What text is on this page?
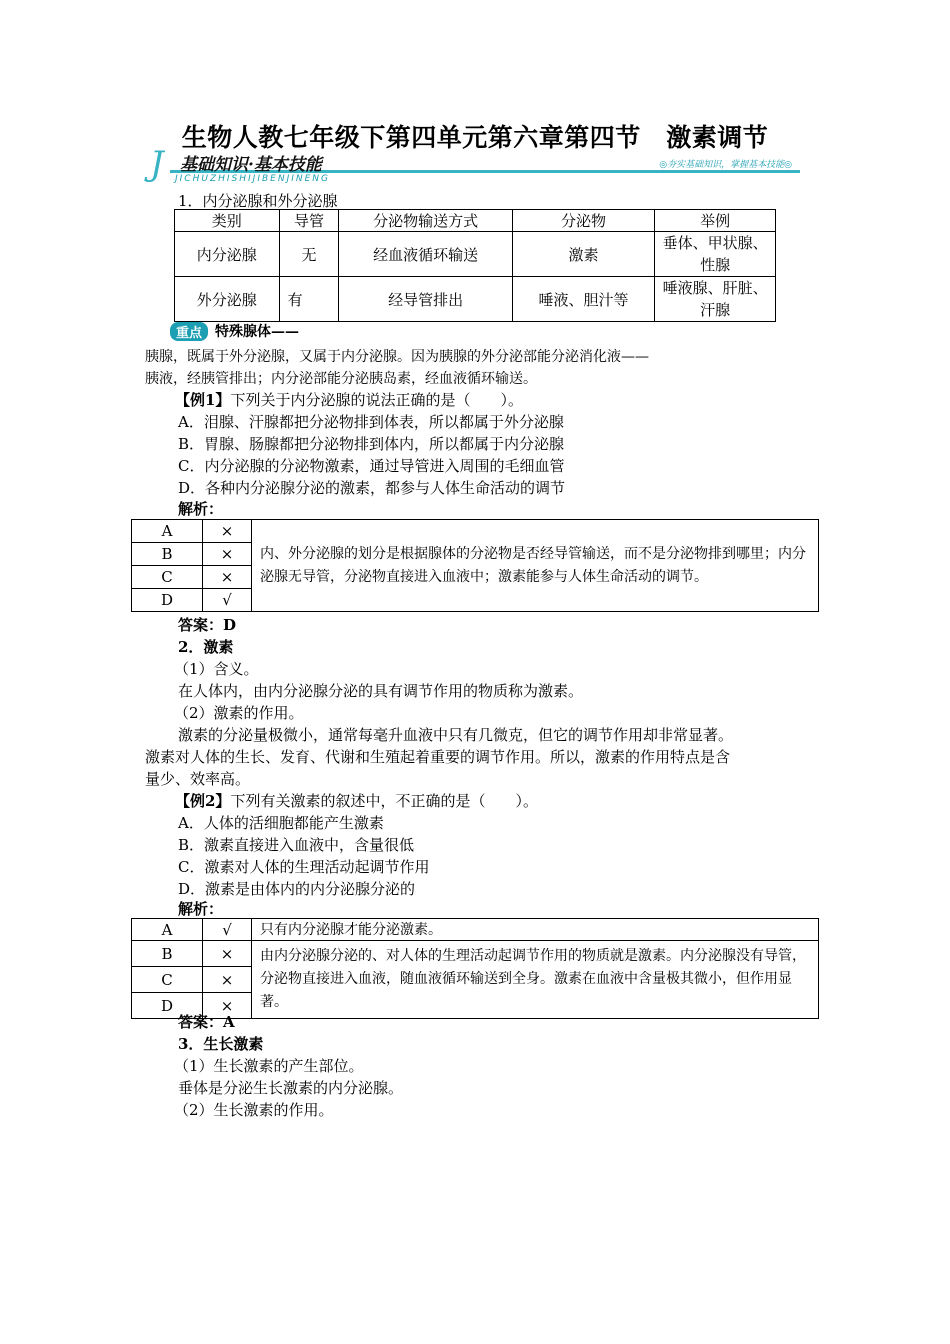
生物人教七年级下第四单元第六章第四节　激素调节
J 基础知识·基本技能
JICHUZHISHIJIBENJINENG
◎夯实基础知识，掌握基本技能◎
1．内分泌腺和外分泌腺
类别	导管	分泌物输送方式	分泌物	举例
内分泌腺	无	经血液循环输送	激素	垂体、甲状腺、性腺
外分泌腺	有	经导管排出	唾液、胆汁等	唾液腺、肝脏、汗腺
重点 特殊腺体——
胰腺，既属于外分泌腺，又属于内分泌腺。因为胰腺的外分泌部能分泌消化液——
胰液，经胰管排出；内分泌部能分泌胰岛素，经血液循环输送。
【例1】下列关于内分泌腺的说法正确的是（　　）。
A．泪腺、汗腺都把分泌物排到体表，所以都属于外分泌腺
B．胃腺、肠腺都把分泌物排到体内，所以都属于内分泌腺
C．内分泌腺的分泌物激素，通过导管进入周围的毛细血管
D．各种内分泌腺分泌的激素，都参与人体生命活动的调节
解析：
A	×	内、外分泌腺的划分是根据腺体的分泌物是否经导管输送，而不是分泌物排到哪里；内分泌腺无导管，分泌物直接进入血液中；激素能参与人体生命活动的调节。
B	×	
C	×	
D	√	
答案：D
2．激素
（1）含义。
在人体内，由内分泌腺分泌的具有调节作用的物质称为激素。
（2）激素的作用。
激素的分泌量极微小，通常每毫升血液中只有几微克，但它的调节作用却非常显著。
激素对人体的生长、发育、代谢和生殖起着重要的调节作用。所以，激素的作用特点是含
量少、效率高。
【例2】下列有关激素的叙述中，不正确的是（　　）。
A．人体的活细胞都能产生激素
B．激素直接进入血液中，含量很低
C．激素对人体的生理活动起调节作用
D．激素是由体内的内分泌腺分泌的
解析：
A	√	只有内分泌腺才能分泌激素。
B	×	由内分泌腺分泌的、对人体的生理活动起调节作用的物质就是激素。内分泌腺没有导管，分泌物直接进入血液，随血液循环输送到全身。激素在血液中含量极其微小，但作用显著。
C	×	
D	×	
答案：A
3．生长激素
（1）生长激素的产生部位。
垂体是分泌生长激素的内分泌腺。
（2）生长激素的作用。
